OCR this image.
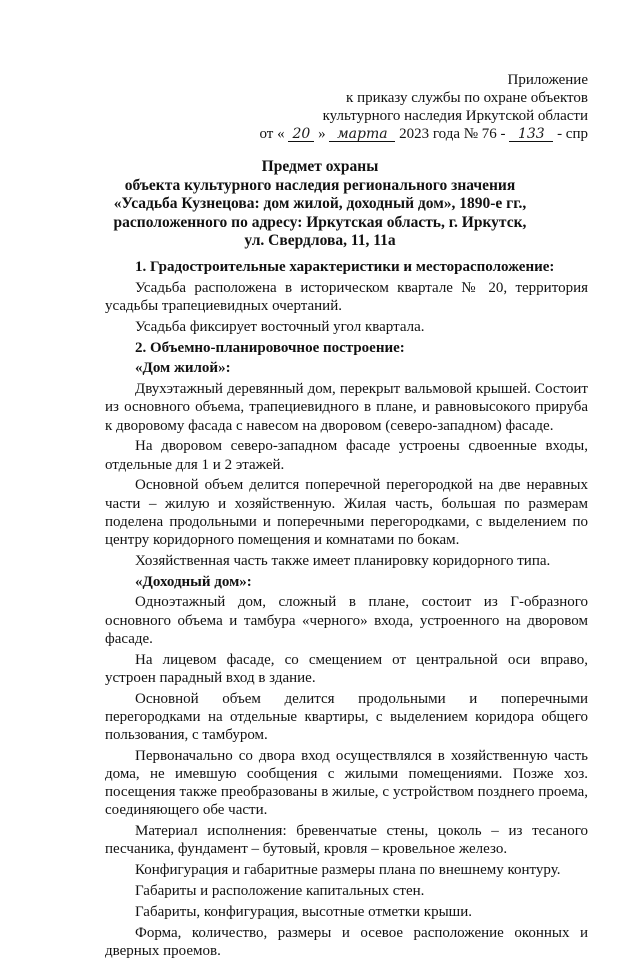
Приложение
к приказу службы по охране объектов
культурного наследия Иркутской области
от « 20 » марта 2023 года № 76 - 133 - спр
Предмет охраны
объекта культурного наследия регионального значения
«Усадьба Кузнецова: дом жилой, доходный дом», 1890-е гг.,
расположенного по адресу: Иркутская область, г. Иркутск,
ул. Свердлова, 11, 11а
1. Градостроительные характеристики и месторасположение:
Усадьба расположена в историческом квартале № 20, территория усадьбы трапециевидных очертаний.
Усадьба фиксирует восточный угол квартала.
2. Объемно-планировочное построение:
«Дом жилой»:
Двухэтажный деревянный дом, перекрыт вальмовой крышей. Состоит из основного объема, трапециевидного в плане, и равновысокого прируба к дворовому фасада с навесом на дворовом (северо-западном) фасаде.
На дворовом северо-западном фасаде устроены сдвоенные входы, отдельные для 1 и 2 этажей.
Основной объем делится поперечной перегородкой на две неравных части – жилую и хозяйственную. Жилая часть, большая по размерам поделена продольными и поперечными перегородками, с выделением по центру коридорного помещения и комнатами по бокам.
Хозяйственная часть также имеет планировку коридорного типа.
«Доходный дом»:
Одноэтажный дом, сложный в плане, состоит из Г-образного основного объема и тамбура «черного» входа, устроенного на дворовом фасаде.
На лицевом фасаде, со смещением от центральной оси вправо, устроен парадный вход в здание.
Основной объем делится продольными и поперечными перегородками на отдельные квартиры, с выделением коридора общего пользования, с тамбуром.
Первоначально со двора вход осуществлялся в хозяйственную часть дома, не имевшую сообщения с жилыми помещениями. Позже хоз. посещения также преобразованы в жилые, с устройством позднего проема, соединяющего обе части.
Материал исполнения: бревенчатые стены, цоколь – из тесаного песчаника, фундамент – бутовый, кровля – кровельное железо.
Конфигурация и габаритные размеры плана по внешнему контуру.
Габариты и расположение капитальных стен.
Габариты, конфигурация, высотные отметки крыши.
Форма, количество, размеры и осевое расположение оконных и дверных проемов.
